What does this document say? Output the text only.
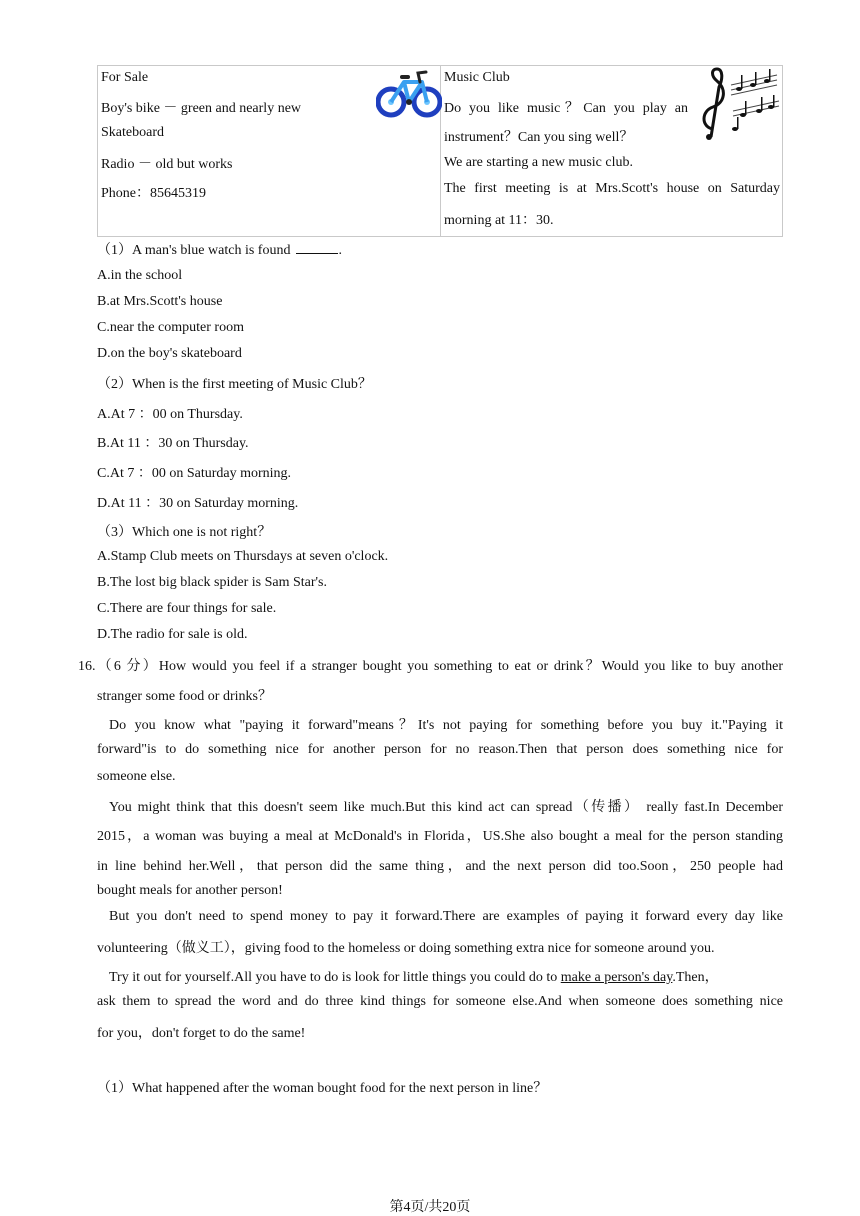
For Sale
Boy's bike － green and nearly new
Skateboard
Radio － old but works
Phone：85645319

Music Club
Do you like music？Can you play an
instrument？Can you sing well？
We are starting a new music club.
The first meeting is at Mrs.Scott's house on Saturday
morning at 11：30.
（1）A man's blue watch is found	.
A.in the school
B.at Mrs.Scott's house
C.near the computer room
D.on the boy's skateboard
（2）When is the first meeting of Music Club？
A.At 7 ：00 on Thursday.
B.At 11 ：30 on Thursday.
C.At 7 ：00 on Saturday morning.
D.At 11 ：30 on Saturday morning.
（3）Which one is not right？
A.Stamp Club meets on Thursdays at seven o'clock.
B.The lost big black spider is Sam Star's.
C.There are four things for sale.
D.The radio for sale is old.
16.（6 分）How would you feel if a stranger bought you something to eat or drink？Would you like to buy another
stranger some food or drinks？
Do you know what "paying it forward"means？It's not paying for something before you buy it."Paying it
forward"is to do something nice for another person for no reason.Then that person does something nice for
someone else.
You might think that this doesn't seem like much.But this kind act can spread（传播） really fast.In December
2015，a woman was buying a meal at McDonald's in Florida，US.She also bought a meal for the person standing
in line behind her.Well，that person did the same thing，and the next person did too.Soon，250 people had
bought meals for another person!
But you don't need to spend money to pay it forward.There are examples of paying it forward every day like
volunteering（做义工），giving food to the homeless or doing something extra nice for someone around you.
Try it out for yourself.All you have to do is look for little things you could do to make a person's day.Then，
ask them to spread the word and do three kind things for someone else.And when someone does something nice
for you，don't forget to do the same!
（1）What happened after the woman bought food for the next person in line？
第4页/共20页
